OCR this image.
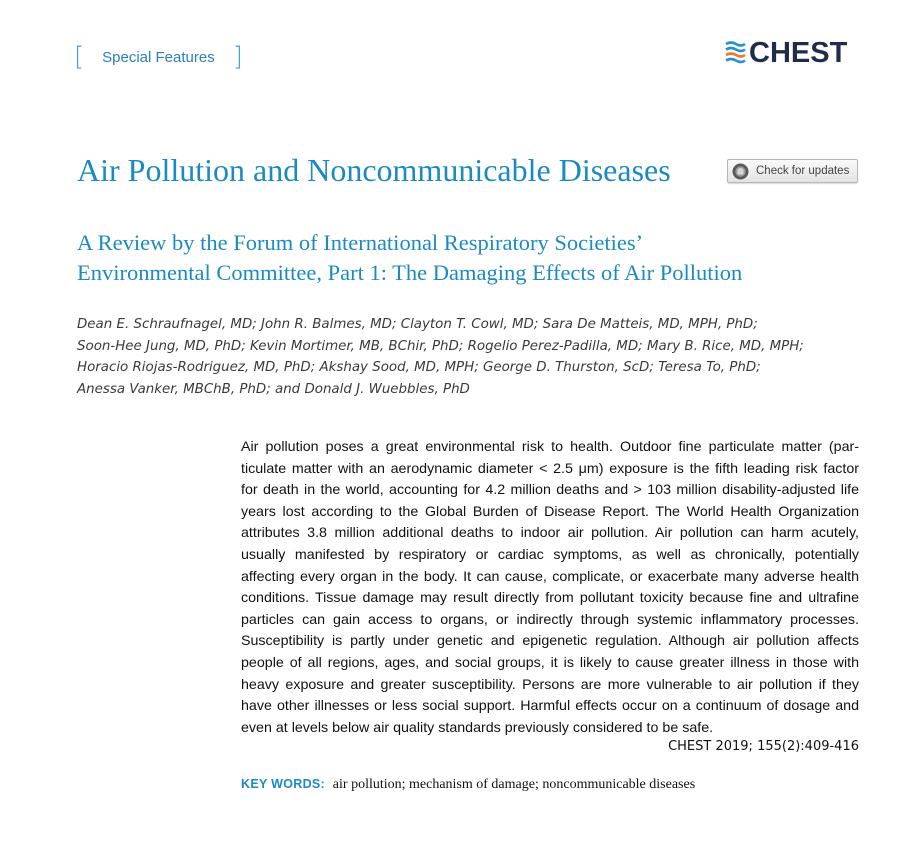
[ Special Features ]	CHEST
Air Pollution and Noncommunicable Diseases	Check for updates
A Review by the Forum of International Respiratory Societies’
Environmental Committee, Part 1: The Damaging Effects of Air Pollution
Dean E. Schraufnagel, MD; John R. Balmes, MD; Clayton T. Cowl, MD; Sara De Matteis, MD, MPH, PhD;
Soon-Hee Jung, MD, PhD; Kevin Mortimer, MB, BChir, PhD; Rogelio Perez-Padilla, MD; Mary B. Rice, MD, MPH;
Horacio Riojas-Rodriguez, MD, PhD; Akshay Sood, MD, MPH; George D. Thurston, ScD; Teresa To, PhD;
Anessa Vanker, MBChB, PhD; and Donald J. Wuebbles, PhD
Air pollution poses a great environmental risk to health. Outdoor fine particulate matter (par-
ticulate matter with an aerodynamic diameter < 2.5 μm) exposure is the fifth leading risk factor
for death in the world, accounting for 4.2 million deaths and > 103 million disability-adjusted life
years lost according to the Global Burden of Disease Report. The World Health Organization
attributes 3.8 million additional deaths to indoor air pollution. Air pollution can harm acutely,
usually manifested by respiratory or cardiac symptoms, as well as chronically, potentially
affecting every organ in the body. It can cause, complicate, or exacerbate many adverse health
conditions. Tissue damage may result directly from pollutant toxicity because fine and ultrafine
particles can gain access to organs, or indirectly through systemic inflammatory processes.
Susceptibility is partly under genetic and epigenetic regulation. Although air pollution affects
people of all regions, ages, and social groups, it is likely to cause greater illness in those with
heavy exposure and greater susceptibility. Persons are more vulnerable to air pollution if they
have other illnesses or less social support. Harmful effects occur on a continuum of dosage and
even at levels below air quality standards previously considered to be safe.
CHEST 2019; 155(2):409-416
KEY WORDS: air pollution; mechanism of damage; noncommunicable diseases
